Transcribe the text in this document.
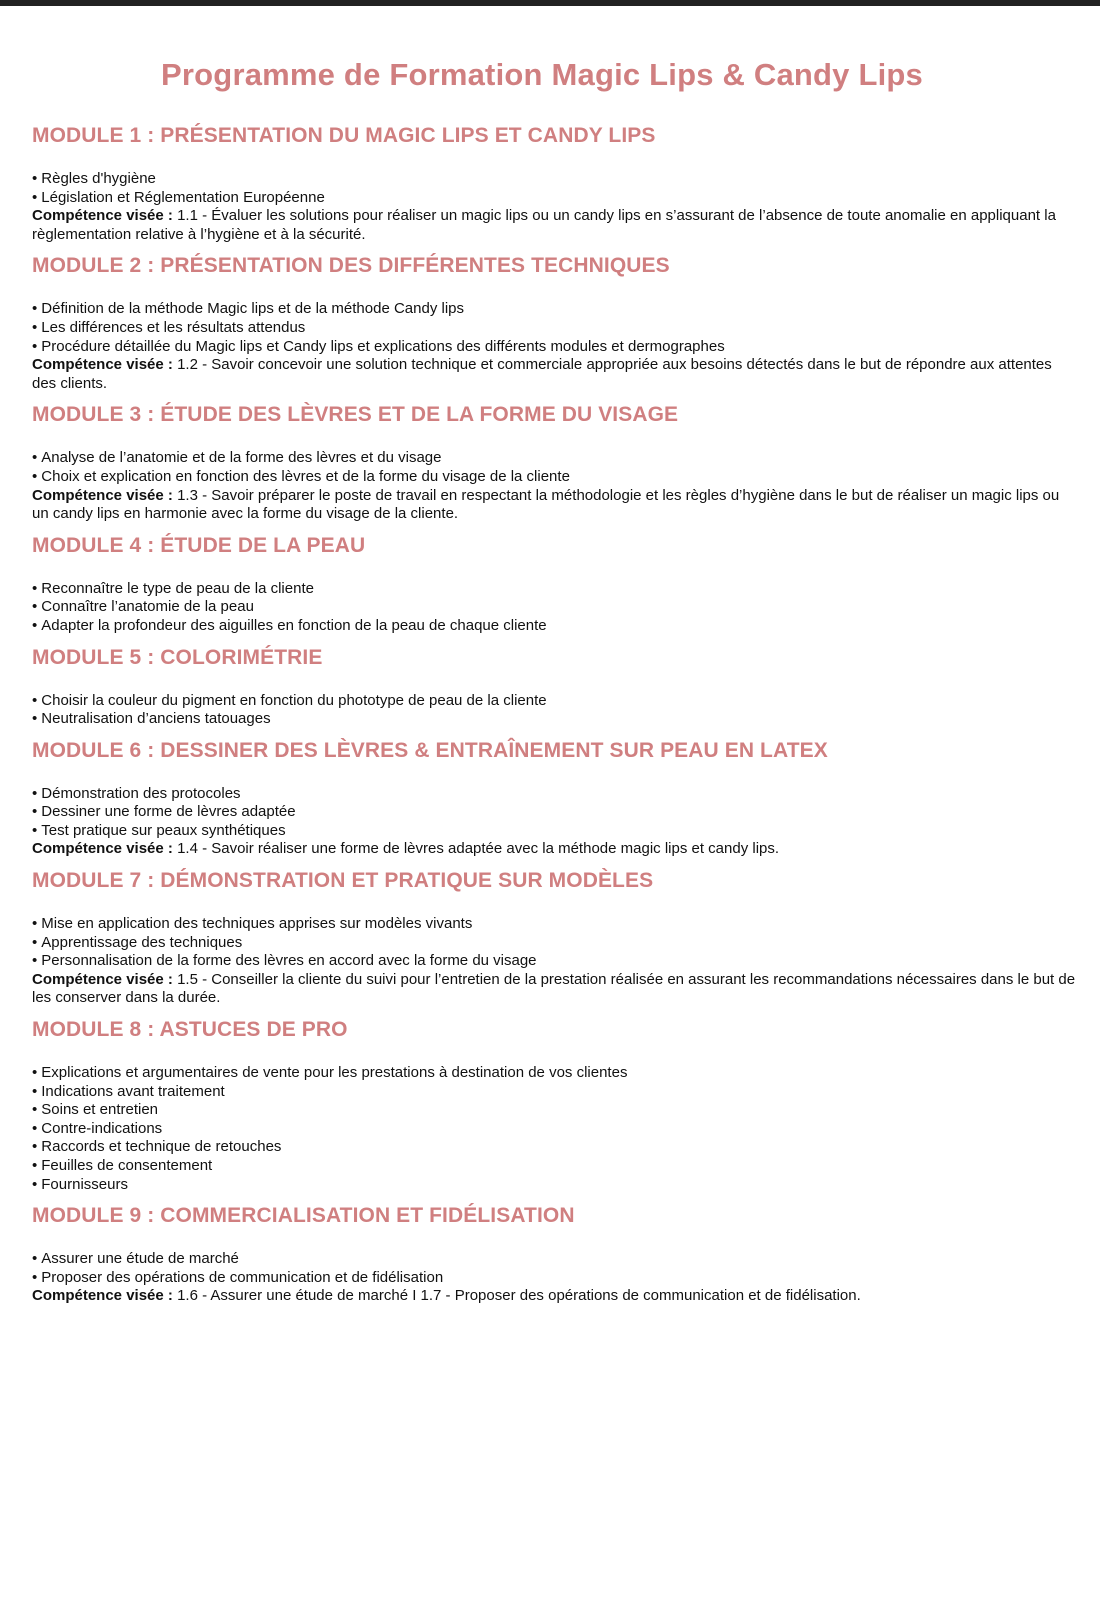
Programme de Formation Magic Lips & Candy Lips
MODULE 1 : PRÉSENTATION DU MAGIC LIPS ET CANDY LIPS
• Règles d'hygiène
• Législation et Réglementation Européenne

Compétence visée : 1.1 - Évaluer les solutions pour réaliser un magic lips ou un candy lips en s’assurant de l’absence de toute anomalie en appliquant la règlementation relative à l’hygiène et à la sécurité.

MODULE 2 : PRÉSENTATION DES DIFFÉRENTES TECHNIQUES
• Définition de la méthode Magic lips et de la méthode Candy lips
• Les différences et les résultats attendus
• Procédure détaillée du Magic lips et Candy lips et explications des différents modules et dermographes

Compétence visée : 1.2 - Savoir concevoir une solution technique et commerciale appropriée aux besoins détectés dans le but de répondre aux attentes des clients.

MODULE 3 : ÉTUDE DES LÈVRES ET DE LA FORME DU VISAGE
• Analyse de l’anatomie et de la forme des lèvres et du visage
• Choix et explication en fonction des lèvres et de la forme du visage de la cliente

Compétence visée : 1.3 - Savoir préparer le poste de travail en respectant la méthodologie et les règles d’hygiène dans le but de réaliser un magic lips ou un candy lips en harmonie avec la forme du visage de la cliente.

MODULE 4 : ÉTUDE DE LA PEAU
• Reconnaître le type de peau de la cliente
• Connaître l’anatomie de la peau
• Adapter la profondeur des aiguilles en fonction de la peau de chaque cliente
MODULE 5 : COLORIMÉTRIE
• Choisir la couleur du pigment en fonction du phototype de peau de la cliente
• Neutralisation d’anciens tatouages
MODULE 6 : DESSINER DES LÈVRES & ENTRAÎNEMENT SUR PEAU EN LATEX
• Démonstration des protocoles
• Dessiner une forme de lèvres adaptée
• Test pratique sur peaux synthétiques

Compétence visée : 1.4 - Savoir réaliser une forme de lèvres adaptée avec la méthode magic lips et candy lips.

MODULE 7 : DÉMONSTRATION ET PRATIQUE SUR MODÈLES
• Mise en application des techniques apprises sur modèles vivants
• Apprentissage des techniques
• Personnalisation de la forme des lèvres en accord avec la forme du visage

Compétence visée : 1.5 - Conseiller la cliente du suivi pour l’entretien de la prestation réalisée en assurant les recommandations nécessaires dans le but de les conserver dans la durée.

MODULE 8 : ASTUCES DE PRO
• Explications et argumentaires de vente pour les prestations à destination de vos clientes
• Indications avant traitement
• Soins et entretien
• Contre-indications
• Raccords et technique de retouches
• Feuilles de consentement
• Fournisseurs
MODULE 9 : COMMERCIALISATION ET FIDÉLISATION
• Assurer une étude de marché
• Proposer des opérations de communication et de fidélisation

Compétence visée : 1.6 - Assurer une étude de marché I 1.7 - Proposer des opérations de communication et de fidélisation.
